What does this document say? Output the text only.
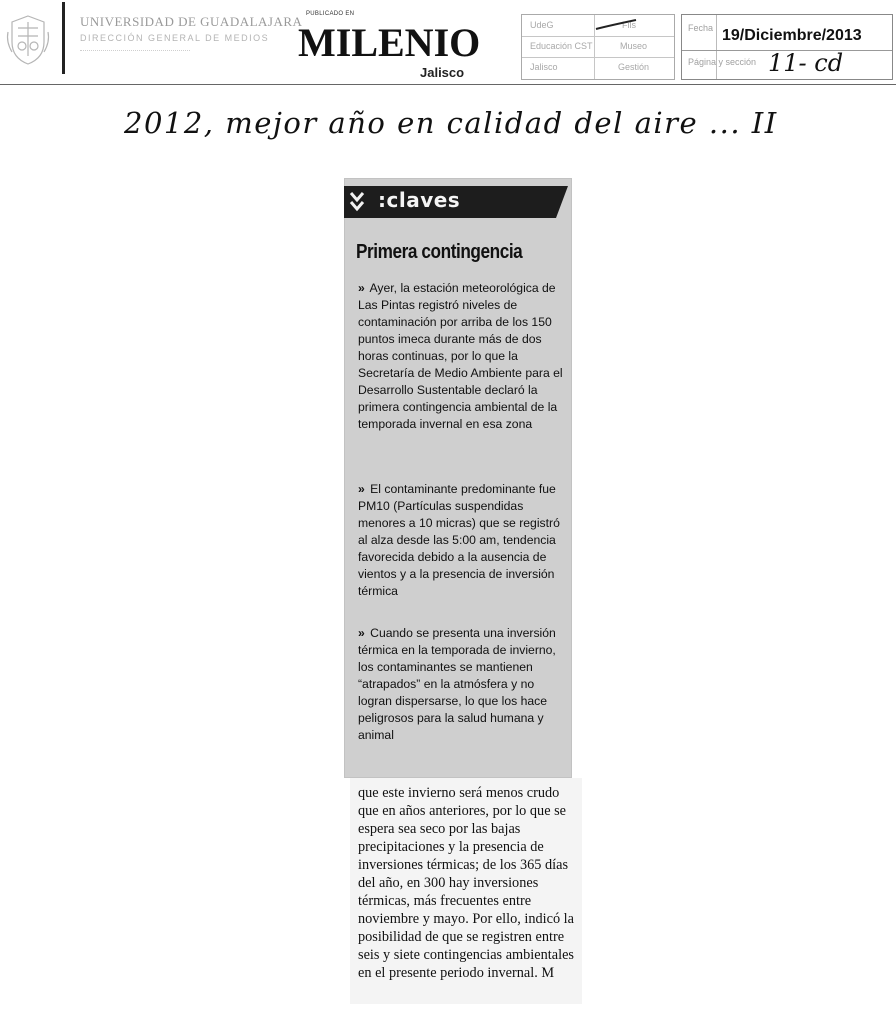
UNIVERSIDAD DE GUADALAJARA
DIRECCIÓN GENERAL DE MEDIOS
PUBLICADO EN
MILENIO
Jalisco
UdeG	Fils
Educación CST	Museo
Jalisco	Gestión
Fecha 19/Diciembre/2013
Página y sección 11- cd
2012, mejor año en calidad del aire ... II
:claves
Primera contingencia
» Ayer, la estación meteorológica de Las Pintas registró niveles de contaminación por arriba de los 150 puntos imeca durante más de dos horas continuas, por lo que la Secretaría de Medio Ambiente para el Desarrollo Sustentable declaró la primera contingencia ambiental de la temporada invernal en esa zona
» El contaminante predominante fue PM10 (Partículas suspendidas menores a 10 micras) que se registró al alza desde las 5:00 am, tendencia favorecida debido a la ausencia de vientos y a la presencia de inversión térmica
» Cuando se presenta una inversión térmica en la temporada de invierno, los contaminantes se mantienen “atrapados” en la atmósfera y no logran dispersarse, lo que los hace peligrosos para la salud humana y animal
que este invierno será menos crudo que en años anteriores, por lo que se espera sea seco por las bajas precipitaciones y la presencia de inversiones térmicas; de los 365 días del año, en 300 hay inversiones térmicas, más frecuentes entre noviembre y mayo. Por ello, indicó la posibilidad de que se registren entre seis y siete contingencias ambientales en el presente periodo invernal. M
